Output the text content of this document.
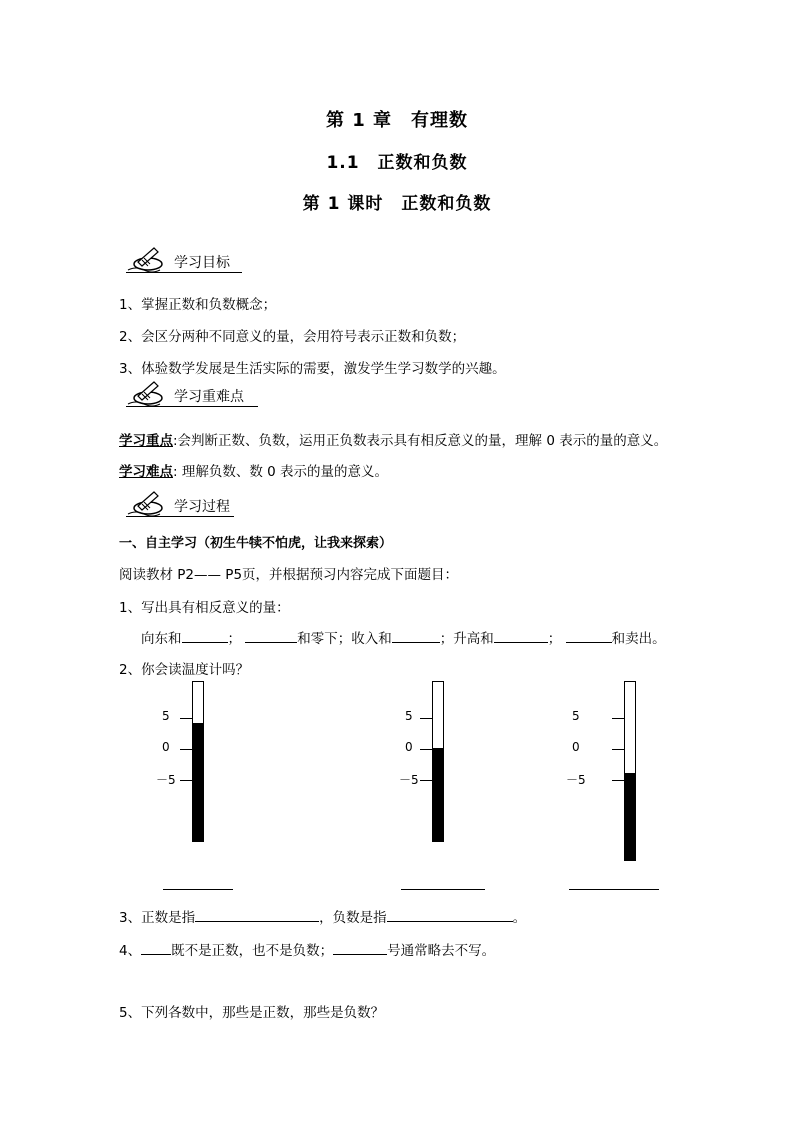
第 1 章　有理数
1.1　正数和负数
第 1 课时　正数和负数
学习目标
1、掌握正数和负数概念；
2、会区分两种不同意义的量，会用符号表示正数和负数；
3、体验数学发展是生活实际的需要，激发学生学习数学的兴趣。
学习重难点
学习重点:会判断正数、负数，运用正负数表示具有相反意义的量，理解 0 表示的量的意义。
学习难点: 理解负数、数 0 表示的量的意义。
学习过程
一、自主学习（初生牛犊不怕虎，让我来探索）
阅读教材 P2—— P5页，并根据预习内容完成下面题目：
1、写出具有相反意义的量：
向东和	；	和零下；收入和	；升高和	；	和卖出。
2、你会读温度计吗？
5
0
－5
5
0
－5
5
0
－5
3、正数是指	，负数是指	。
4、 既不是正数，也不是负数；	号通常略去不写。
5、下列各数中，那些是正数，那些是负数？
